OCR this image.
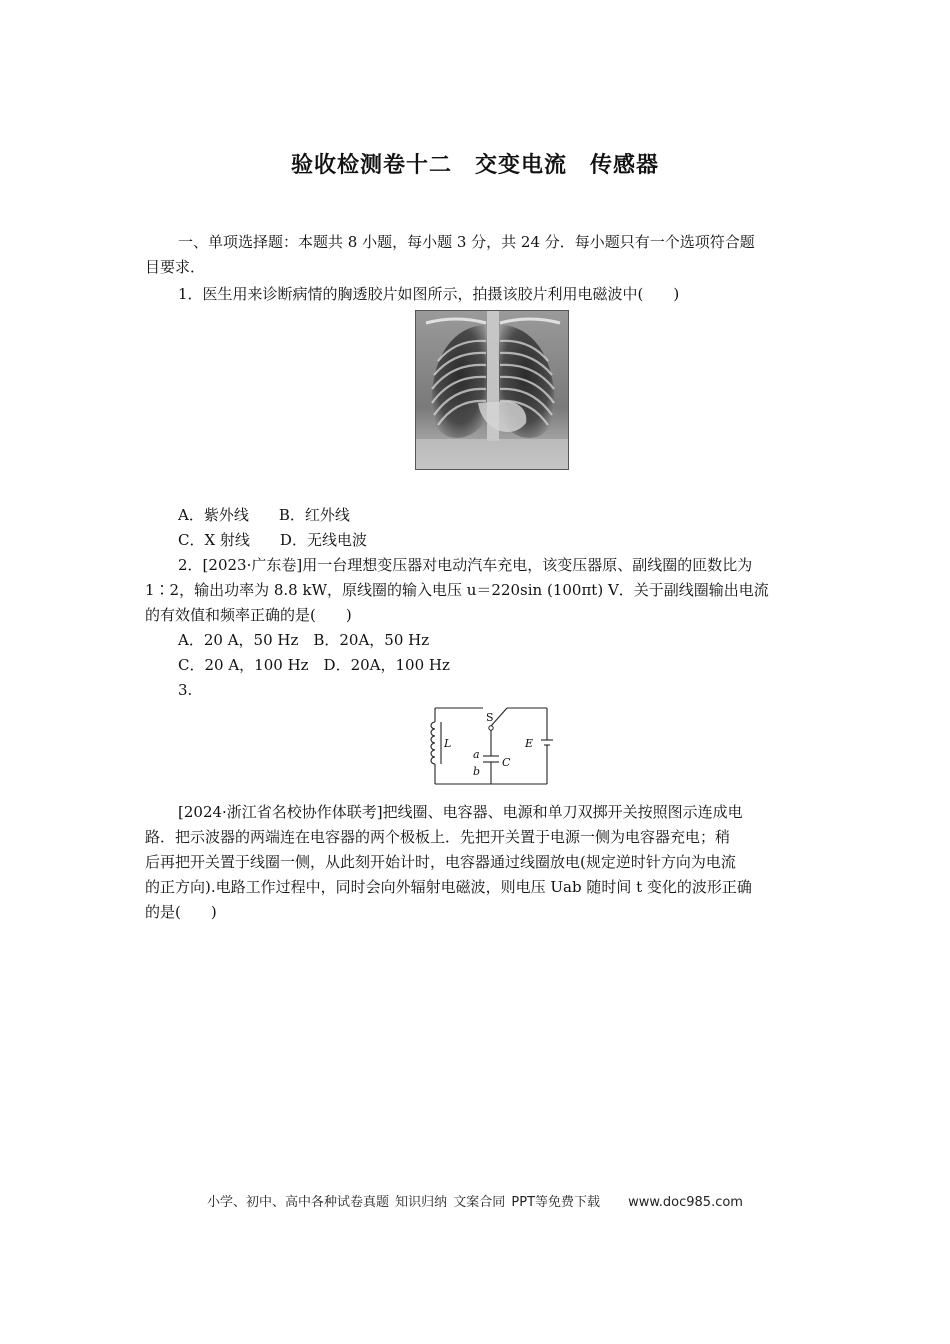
验收检测卷十二　交变电流　传感器
一、单项选择题：本题共 8 小题，每小题 3 分，共 24 分．每小题只有一个选项符合题
目要求．
1．医生用来诊断病情的胸透胶片如图所示，拍摄该胶片利用电磁波中(　　)
A．紫外线　　B．红外线
C．X 射线　　D．无线电波
2．[2023·广东卷]用一台理想变压器对电动汽车充电，该变压器原、副线圈的匝数比为
1∶2，输出功率为 8.8 kW，原线圈的输入电压 u＝220sin (100πt) V．关于副线圈输出电流
的有效值和频率正确的是(　　)
A．20 A，50 Hz　B．20A，50 Hz
C．20 A，100 Hz　D．20A，100 Hz
3.
S
L
a
b
C
E
[2024·浙江省名校协作体联考]把线圈、电容器、电源和单刀双掷开关按照图示连成电
路．把示波器的两端连在电容器的两个极板上．先把开关置于电源一侧为电容器充电；稍
后再把开关置于线圈一侧，从此刻开始计时，电容器通过线圈放电(规定逆时针方向为电流
的正方向).电路工作过程中，同时会向外辐射电磁波，则电压 Uab 随时间 t 变化的波形正确
的是(　　)
小学、初中、高中各种试卷真题 知识归纳 文案合同 PPT等免费下载 www.doc985.com
